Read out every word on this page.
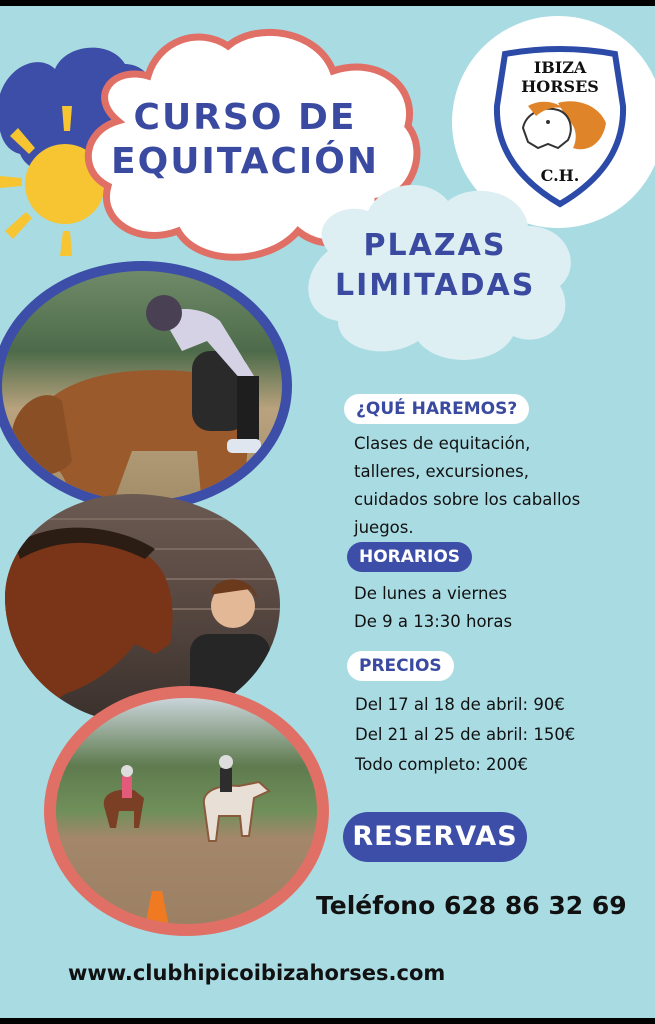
CURSO DE
EQUITACIÓN
IBIZA
HORSES
C.H.
PLAZAS
LIMITADAS
¿QUÉ HAREMOS?
Clases de equitación,
talleres, excursiones,
cuidados sobre los caballos
juegos.
HORARIOS
De lunes a viernes
De 9 a 13:30 horas
PRECIOS
Del 17 al 18 de abril: 90€
Del 21 al 25 de abril: 150€
Todo completo: 200€
RESERVAS
Teléfono 628 86 32 69
www.clubhipicoibizahorses.com
